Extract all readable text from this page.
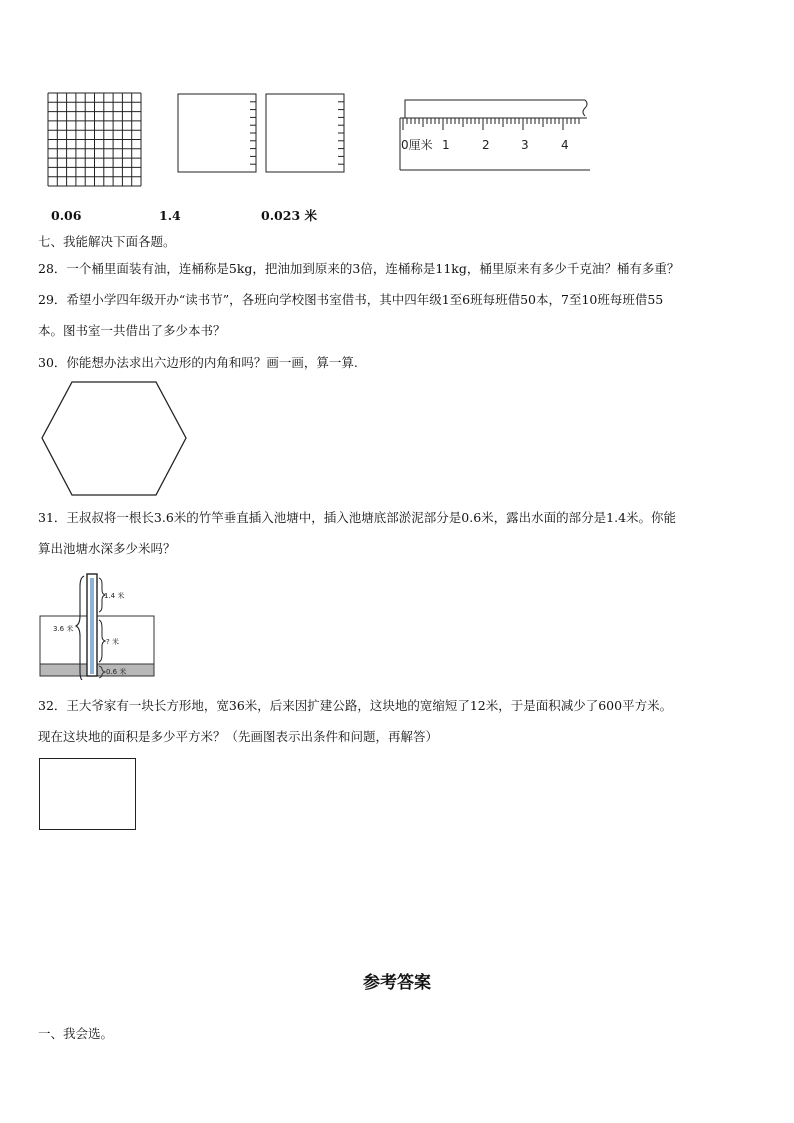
0厘米 1	2	3	4
0.06	1.4	0.023 米
七、我能解决下面各题。
28．一个桶里面装有油，连桶称是5kg，把油加到原来的3倍，连桶称是11kg，桶里原来有多少千克油？桶有多重？
29．希望小学四年级开办“读书节”，各班向学校图书室借书，其中四年级1至6班每班借50本，7至10班每班借55
本。图书室一共借出了多少本书？
30．你能想办法求出六边形的内角和吗？画一画，算一算.
31．王叔叔将一根长3.6米的竹竿垂直插入池塘中，插入池塘底部淤泥部分是0.6米，露出水面的部分是1.4米。你能
算出池塘水深多少米吗？
3.6 米
1.4 米
? 米
0.6 米
32．王大爷家有一块长方形地，宽36米，后来因扩建公路，这块地的宽缩短了12米，于是面积减少了600平方米。
现在这块地的面积是多少平方米？（先画图表示出条件和问题，再解答）
参考答案
一、我会选。
